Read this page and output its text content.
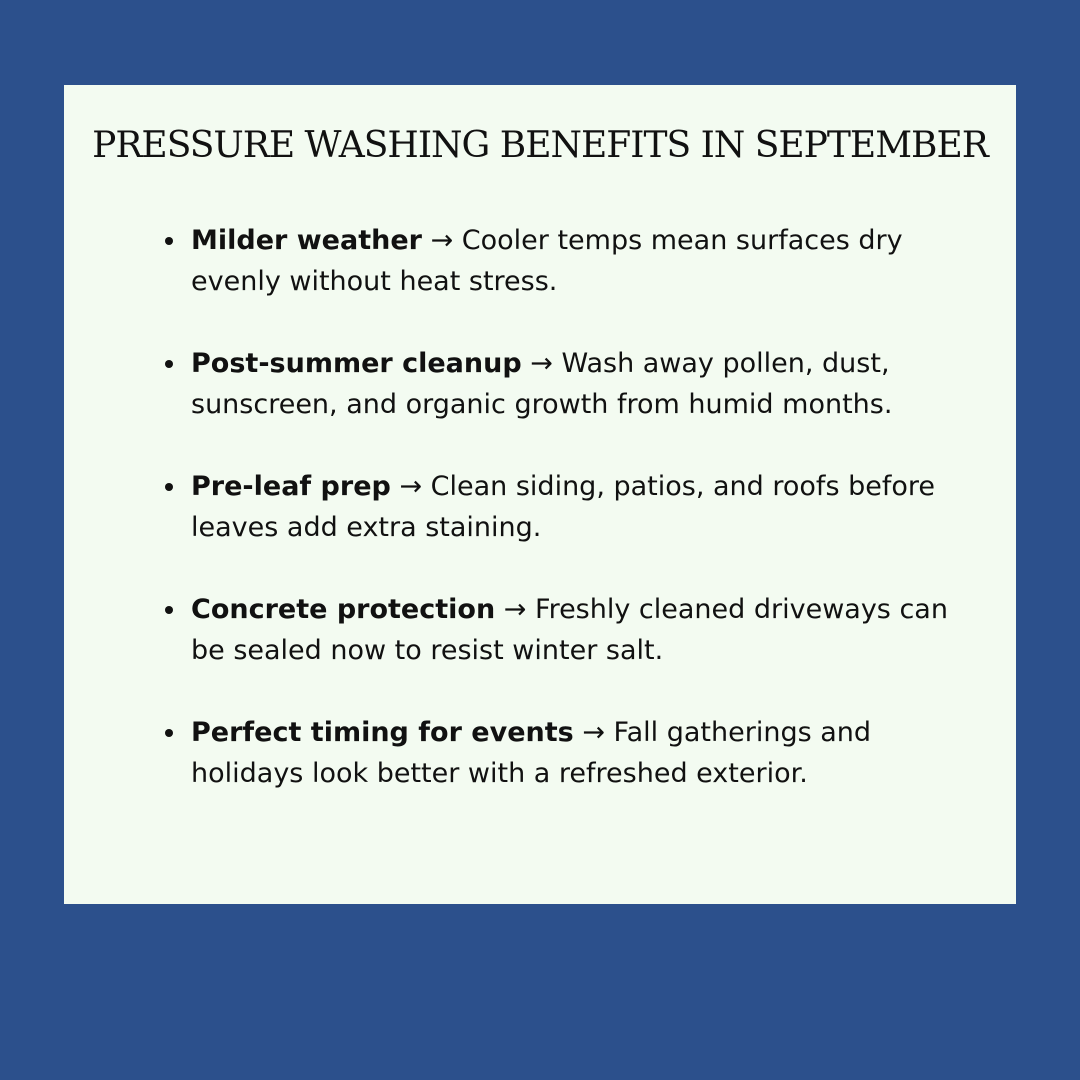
PRESSURE WASHING BENEFITS IN SEPTEMBER
Milder weather → Cooler temps mean surfaces dry evenly without heat stress.
Post-summer cleanup → Wash away pollen, dust, sunscreen, and organic growth from humid months.
Pre-leaf prep → Clean siding, patios, and roofs before leaves add extra staining.
Concrete protection → Freshly cleaned driveways can be sealed now to resist winter salt.
Perfect timing for events → Fall gatherings and holidays look better with a refreshed exterior.
